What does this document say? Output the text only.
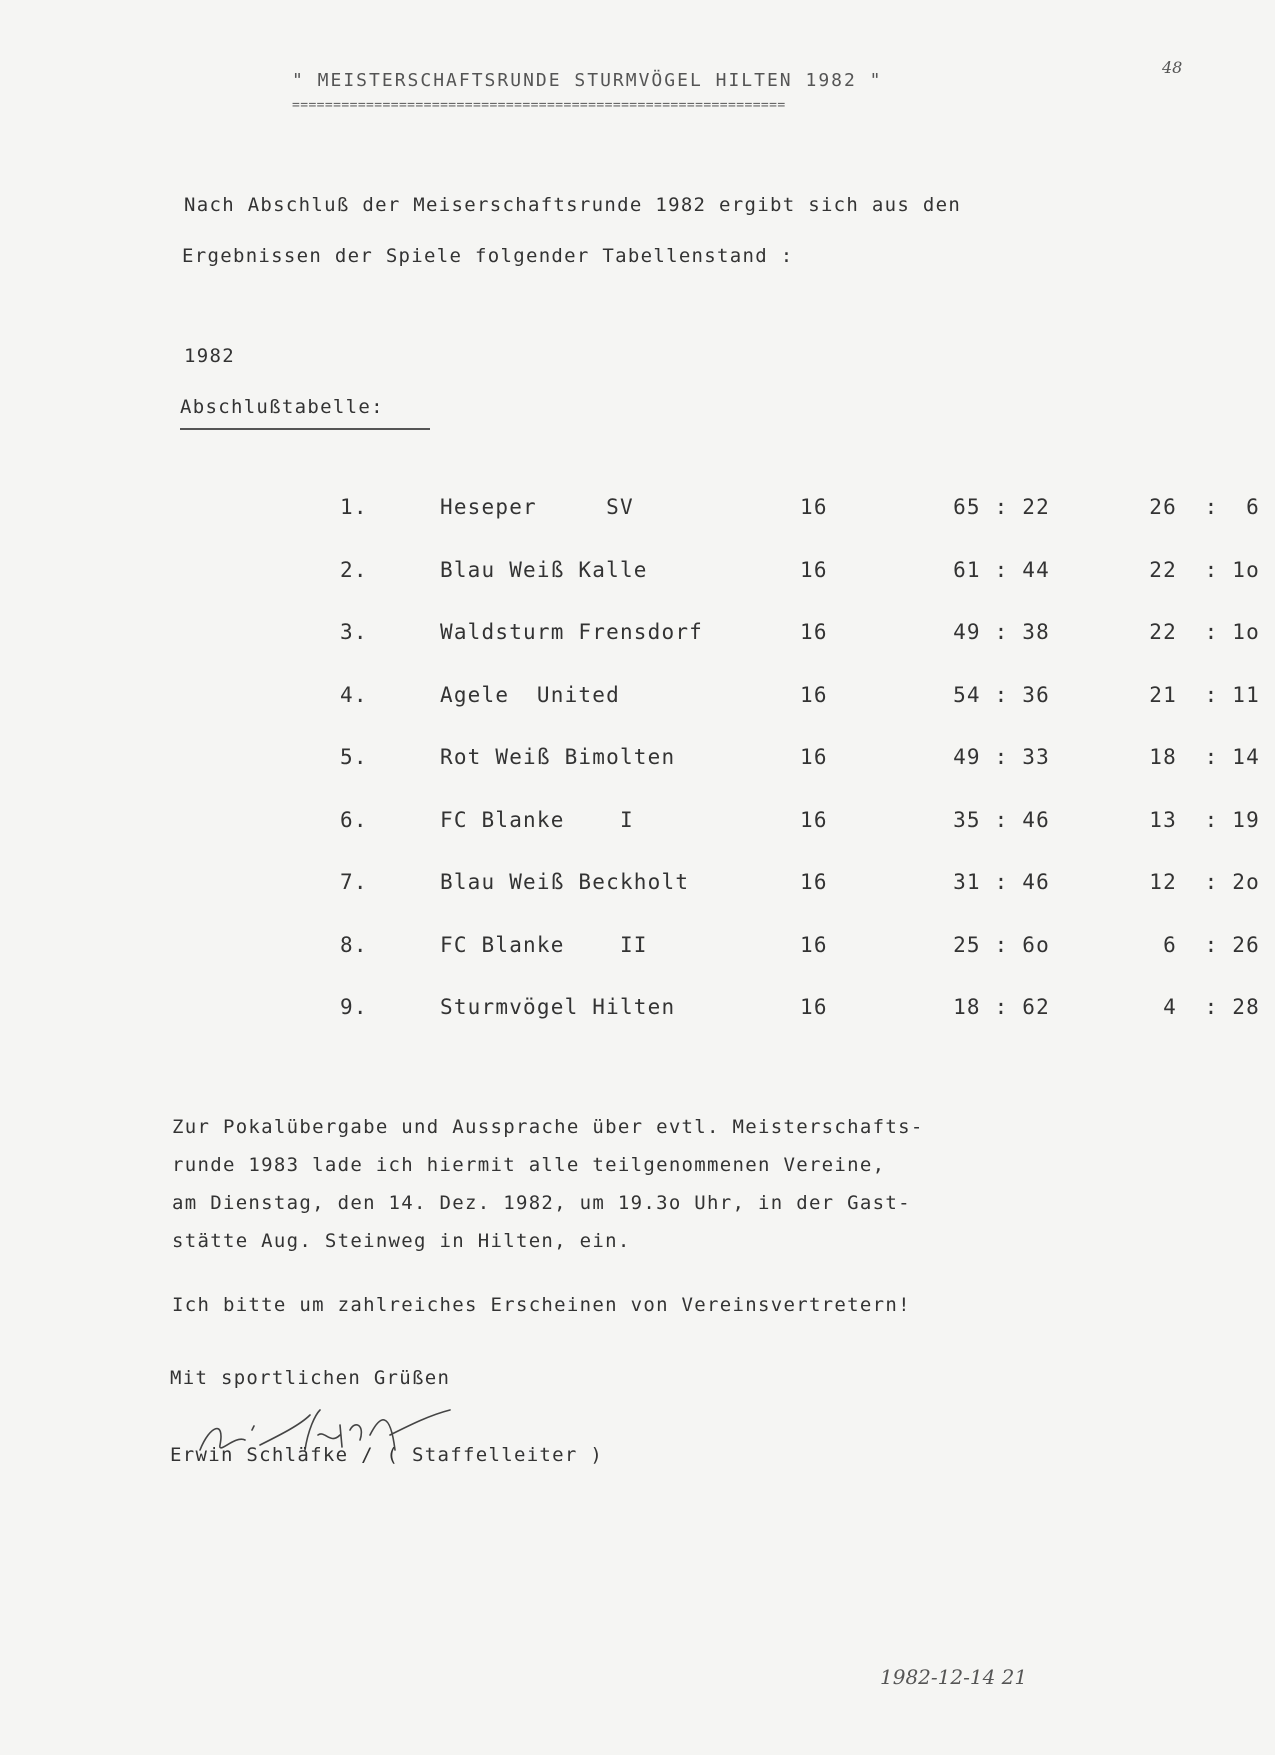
" MEISTERSCHAFTSRUNDE STURMVÖGEL HILTEN 1982 "
============================================================
48
Nach Abschluß der Meiserschaftsrunde 1982 ergibt sich aus den
Ergebnissen der Spiele folgender Tabellenstand :
1982
Abschlußtabelle:
1.	Heseper     SV	16	65 : 22	26  :  6
2.	Blau Weiß Kalle	16	61 : 44	22  : 1o
3.	Waldsturm Frensdorf	16	49 : 38	22  : 1o
4.	Agele  United	16	54 : 36	21  : 11
5.	Rot Weiß Bimolten	16	49 : 33	18  : 14
6.	FC Blanke    I	16	35 : 46	13  : 19
7.	Blau Weiß Beckholt	16	31 : 46	12  : 2o
8.	FC Blanke    II	16	25 : 6o	6  : 26
9.	Sturmvögel Hilten	16	18 : 62	4  : 28
Zur Pokalübergabe und Aussprache über evtl. Meisterschafts-
runde 1983 lade ich hiermit alle teilgenommenen Vereine,
am Dienstag, den 14. Dez. 1982, um 19.3o Uhr, in der Gast-
stätte Aug. Steinweg in Hilten, ein.
Ich bitte um zahlreiches Erscheinen von Vereinsvertretern!
Mit sportlichen Grüßen
Erwin Schläfke / ( Staffelleiter )
1982-12-14 21
